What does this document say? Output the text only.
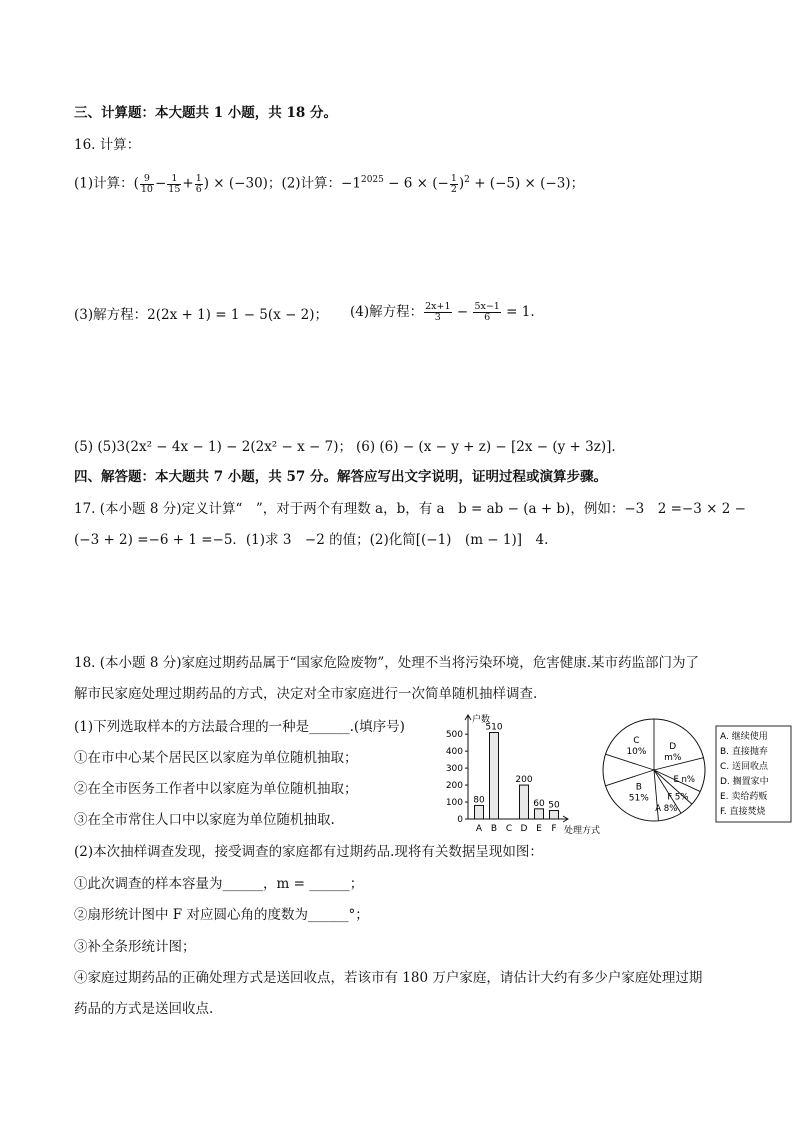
三、计算题：本大题共 1 小题，共 18 分。
16. 计算：
(1)计算：( $\frac{9}{10} - \frac{1}{15} + \frac{1}{6}$ ) × (−30)；(2)计算：$-1^{2025} - 6$ × (− $\frac{1}{2} )^2 + (-5) \times (-3)$；
(3)解方程：2(2x + 1) = 1 − 5(x − 2)； (4)解方程： $\frac{2x+1}{3} - \frac{5x-1}{6} = 1$.
(5) (5)3(2x² − 4x − 1) − 2(2x² − x − 7)； (6) (6) − (x − y + z) − [2x − (y + 3z)].
四、解答题：本大题共 7 小题，共 57 分。解答应写出文字说明，证明过程或演算步骤。
17. (本小题 8 分)定义计算“　”，对于两个有理数 a，b，有 a　b = ab − (a + b)，例如：−3　2 =−3 × 2 −
(−3 + 2) =−6 + 1 =−5．(1)求 3　−2 的值；(2)化简[(−1)　(m − 1)]　4.
18. (本小题 8 分)家庭过期药品属于“国家危险废物”，处理不当将污染环境，危害健康.某市药监部门为了
解市民家庭处理过期药品的方式，决定对全市家庭进行一次简单随机抽样调查.
(1)下列选取样本的方法最合理的一种是______.(填序号)
①在市中心某个居民区以家庭为单位随机抽取；
②在全市医务工作者中以家庭为单位随机抽取；
③在全市常住人口中以家庭为单位随机抽取.
(2)本次抽样调查发现，接受调查的家庭都有过期药品.现将有关数据呈现如图：
①此次调查的样本容量为______，m = ______；
②扇形统计图中 F 对应圆心角的度数为______°；
③补全条形统计图；
④家庭过期药品的正确处理方式是送回收点，若该市有 180 万户家庭，请估计大约有多少户家庭处理过期
药品的方式是送回收点.
户数
处理方式
0
100
200
300
400
500
A
80
B
510
C D
200
E
60
F
50	A 8%
B
51%
C
10%	D
m%
E n%
F 5%
A. 继续使用
B. 直接抛弃
C. 送回收点
D. 搁置家中
E. 卖给药贩
F. 直接焚烧
